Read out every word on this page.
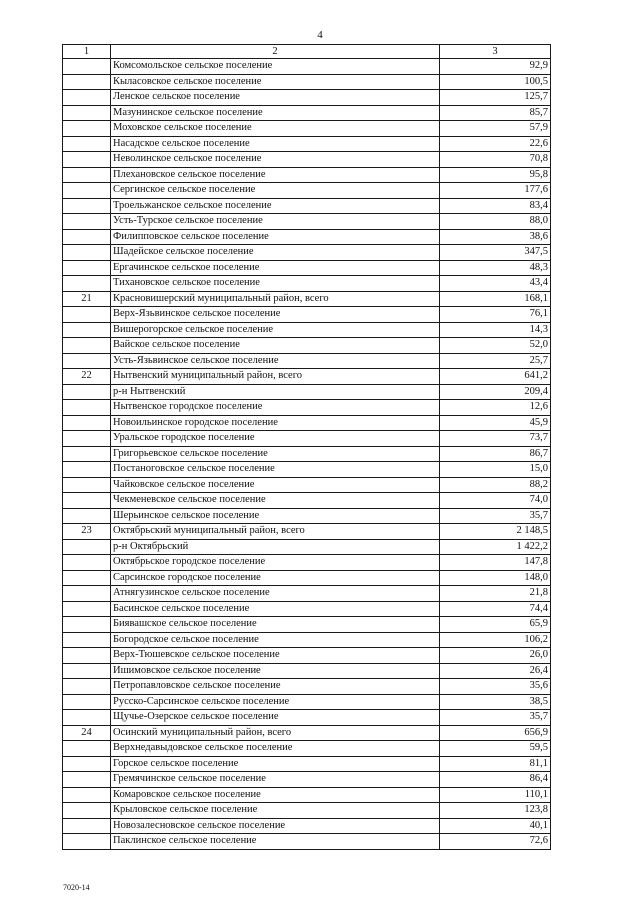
4
1	2	3
	Комсомольское сельское поселение	92,9
	Кыласовское сельское поселение	100,5
	Ленское сельское поселение	125,7
	Мазунинское сельское поселение	85,7
	Моховское сельское поселение	57,9
	Насадское сельское поселение	22,6
	Неволинское сельское поселение	70,8
	Плехановское сельское поселение	95,8
	Сергинское сельское поселение	177,6
	Троельжанское сельское поселение	83,4
	Усть-Турское сельское поселение	88,0
	Филипповское сельское поселение	38,6
	Шадейское сельское поселение	347,5
	Ергачинское сельское поселение	48,3
	Тихановское сельское поселение	43,4
21	Красновишерский муниципальный район, всего	168,1
	Верх-Язьвинское сельское поселение	76,1
	Вишерогорское сельское поселение	14,3
	Вайское сельское поселение	52,0
	Усть-Язьвинское сельское поселение	25,7
22	Нытвенский муниципальный район, всего	641,2
	р-н Нытвенский	209,4
	Нытвенское городское поселение	12,6
	Новоильинское городское поселение	45,9
	Уральское городское поселение	73,7
	Григорьевское сельское поселение	86,7
	Постаноговское сельское поселение	15,0
	Чайковское сельское поселение	88,2
	Чекменевское сельское поселение	74,0
	Шерьинское сельское поселение	35,7
23	Октябрьский муниципальный район, всего	2 148,5
	р-н Октябрьский	1 422,2
	Октябрьское городское поселение	147,8
	Сарсинское городское поселение	148,0
	Атнягузинское сельское поселение	21,8
	Басинское сельское поселение	74,4
	Биявашское сельское поселение	65,9
	Богородское сельское поселение	106,2
	Верх-Тюшевское сельское поселение	26,0
	Ишимовское сельское поселение	26,4
	Петропавловское сельское поселение	35,6
	Русско-Сарсинское сельское поселение	38,5
	Щучье-Озерское сельское поселение	35,7
24	Осинский муниципальный район, всего	656,9
	Верхнедавыдовское сельское поселение	59,5
	Горское сельское поселение	81,1
	Гремячинское сельское поселение	86,4
	Комаровское сельское поселение	110,1
	Крыловское сельское поселение	123,8
	Новозалесновское сельское поселение	40,1
	Паклинское сельское поселение	72,6
7020-14
